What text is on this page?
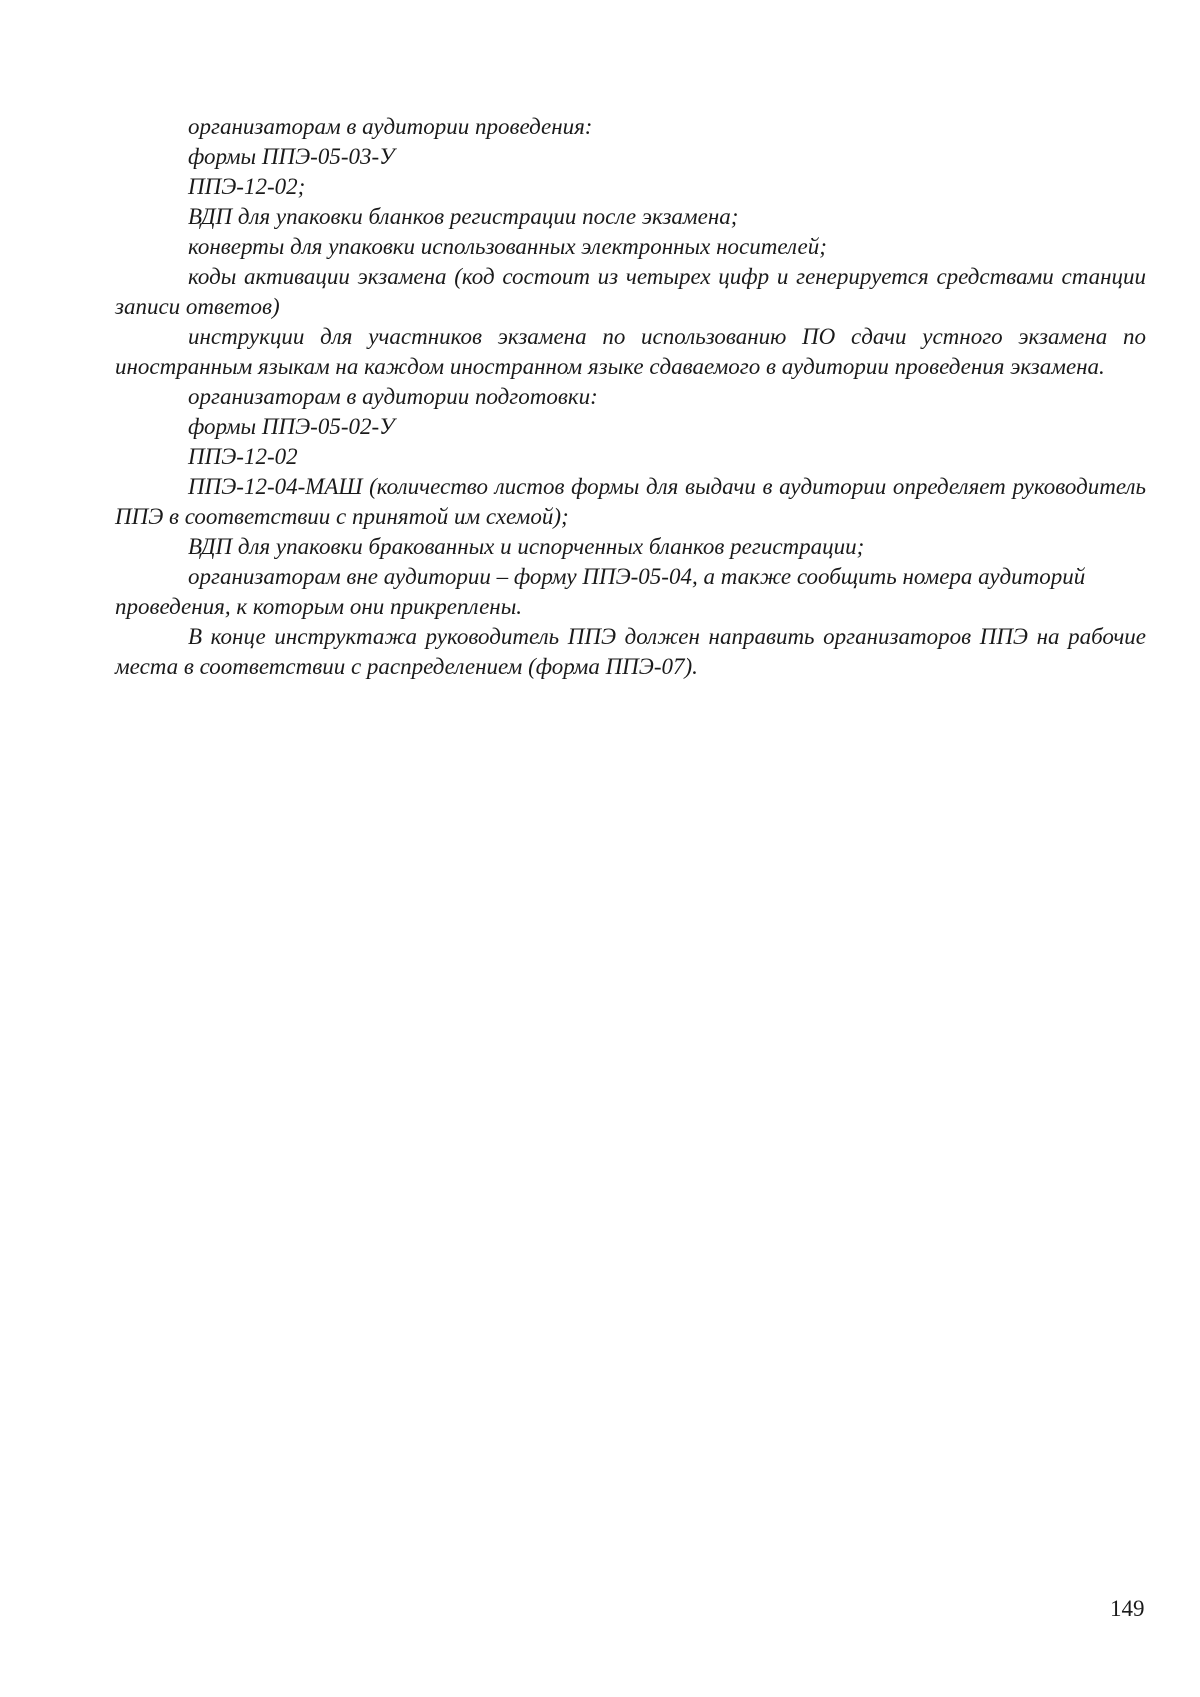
организаторам в аудитории проведения:

формы ППЭ-05-03-У

ППЭ-12-02;

ВДП для упаковки бланков регистрации после экзамена;

конверты для упаковки использованных электронных носителей;

коды активации экзамена (код состоит из четырех цифр и генерируется средствами станции записи ответов)

инструкции для участников экзамена по использованию ПО сдачи устного экзамена по иностранным языкам на каждом иностранном языке сдаваемого в аудитории проведения экзамена.

организаторам в аудитории подготовки:

формы ППЭ-05-02-У

ППЭ-12-02

ППЭ-12-04-МАШ (количество листов формы для выдачи в аудитории определяет руководитель ППЭ в соответствии с принятой им схемой);

ВДП для упаковки бракованных и испорченных бланков регистрации;

организаторам вне аудитории – форму ППЭ-05-04, а также сообщить номера аудиторий проведения, к которым они прикреплены.

В конце инструктажа руководитель ППЭ должен направить организаторов ППЭ на рабочие места в соответствии с распределением (форма ППЭ-07).

149
